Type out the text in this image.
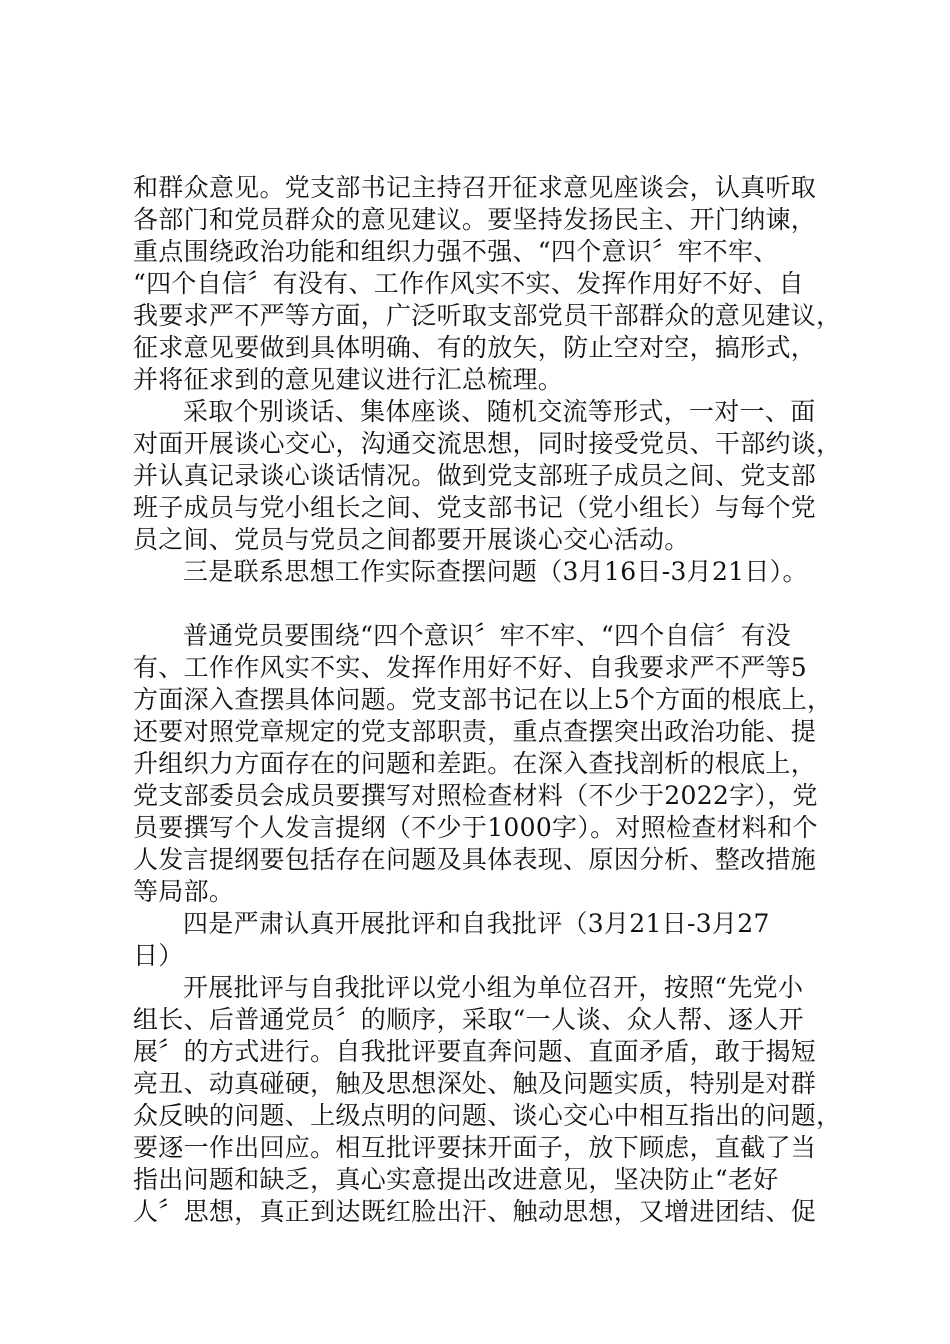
和群众意见。党支部书记主持召开征求意见座谈会，认真听取
各部门和党员群众的意见建议。要坚持发扬民主、开门纳谏，
重点围绕政治功能和组织力强不强、“四个意识〞牢不牢、
“四个自信〞有没有、工作作风实不实、发挥作用好不好、自
我要求严不严等方面，广泛听取支部党员干部群众的意见建议，
征求意见要做到具体明确、有的放矢，防止空对空，搞形式，
并将征求到的意见建议进行汇总梳理。
采取个别谈话、集体座谈、随机交流等形式，一对一、面
对面开展谈心交心，沟通交流思想，同时接受党员、干部约谈，
并认真记录谈心谈话情况。做到党支部班子成员之间、党支部
班子成员与党小组长之间、党支部书记（党小组长）与每个党
员之间、党员与党员之间都要开展谈心交心活动。
三是联系思想工作实际查摆问题（3月16日-3月21日）。
普通党员要围绕“四个意识〞牢不牢、“四个自信〞有没
有、工作作风实不实、发挥作用好不好、自我要求严不严等5
方面深入查摆具体问题。党支部书记在以上5个方面的根底上，
还要对照党章规定的党支部职责，重点查摆突出政治功能、提
升组织力方面存在的问题和差距。在深入查找剖析的根底上，
党支部委员会成员要撰写对照检查材料（不少于2022字），党
员要撰写个人发言提纲（不少于1000字）。对照检查材料和个
人发言提纲要包括存在问题及具体表现、原因分析、整改措施
等局部。
四是严肃认真开展批评和自我批评（3月21日-3月27
日）
开展批评与自我批评以党小组为单位召开，按照“先党小
组长、后普通党员〞的顺序，采取“一人谈、众人帮、逐人开
展〞的方式进行。自我批评要直奔问题、直面矛盾，敢于揭短
亮丑、动真碰硬，触及思想深处、触及问题实质，特别是对群
众反映的问题、上级点明的问题、谈心交心中相互指出的问题，
要逐一作出回应。相互批评要抹开面子，放下顾虑，直截了当
指出问题和缺乏，真心实意提出改进意见，坚决防止“老好
人〞思想，真正到达既红脸出汗、触动思想，又增进团结、促
